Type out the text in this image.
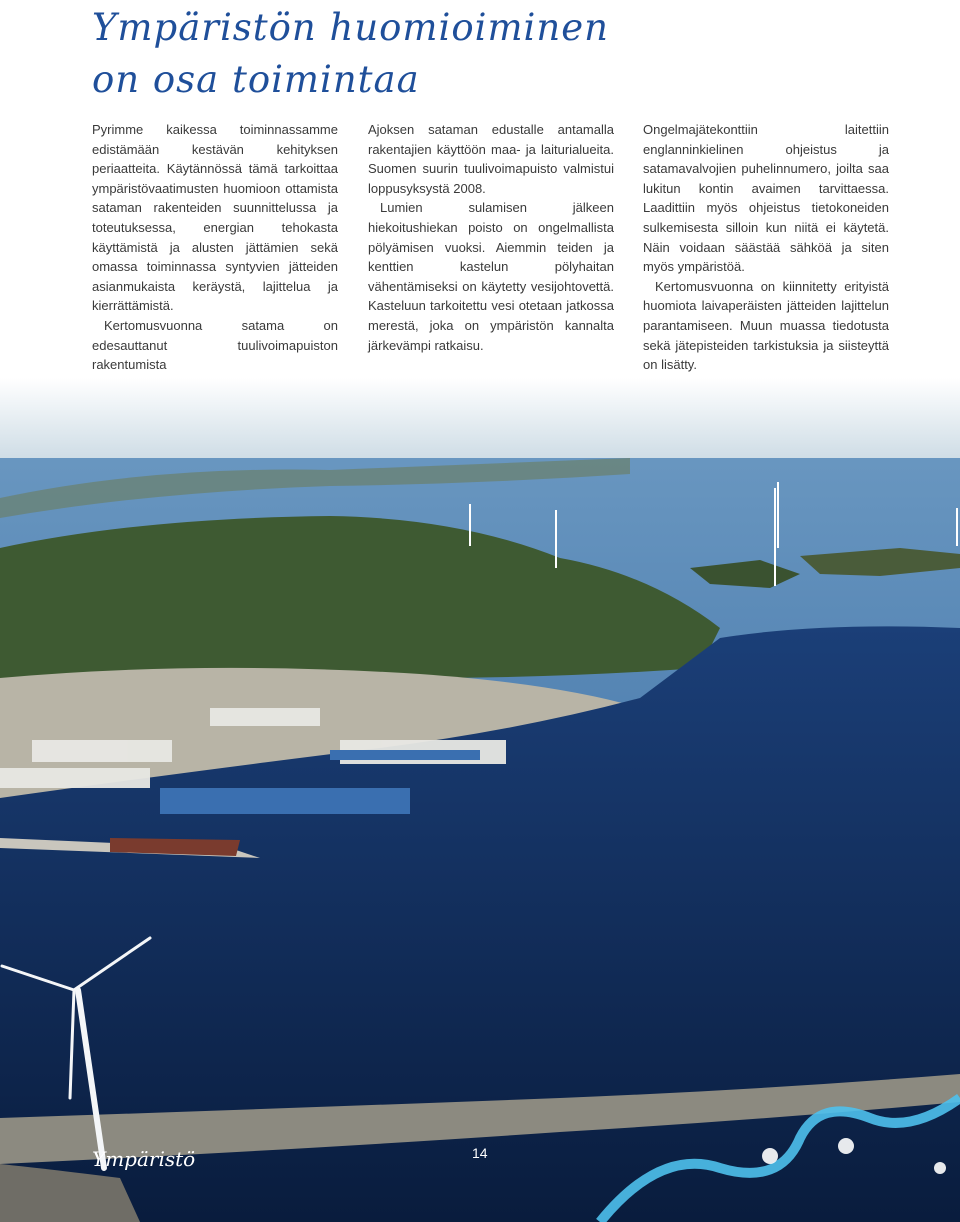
Ympäristön huomioiminen
on osa toimintaa

Pyrimme kaikessa toiminnassamme edistämään kestävän kehityksen periaatteita. Käytännössä tämä tarkoittaa ympäristövaatimusten huomioon ottamista sataman rakenteiden suunnittelussa ja toteutuksessa, energian tehokasta käyttämistä ja alusten jättämien sekä omassa toiminnassa syntyvien jätteiden asianmukaista keräystä, lajittelua ja kierrättämistä.

Kertomusvuonna satama on edesauttanut tuulivoimapuiston rakentumista

Ajoksen sataman edustalle antamalla rakentajien käyttöön maa- ja laiturialueita. Suomen suurin tuulivoimapuisto valmistui loppusyksystä 2008.

Lumien sulamisen jälkeen hiekoitushiekan poisto on ongelmallista pölyämisen vuoksi. Aiemmin teiden ja kenttien kastelun pölyhaitan vähentämiseksi on käytetty vesijohtovettä. Kasteluun tarkoitettu vesi otetaan jatkossa merestä, joka on ympäristön kannalta järkevämpi ratkaisu.

Ongelmajätekonttiin laitettiin englanninkielinen ohjeistus ja satamavalvojien puhelinnumero, joilta saa lukitun kontin avaimen tarvittaessa. Laadittiin myös ohjeistus tietokoneiden sulkemisesta silloin kun niitä ei käytetä. Näin voidaan säästää sähköä ja siten myös ympäristöä.

Kertomusvuonna on kiinnitetty erityistä huomiota laivaperäisten jätteiden lajittelun parantamiseen. Muun muassa tiedotusta sekä jätepisteiden tarkistuksia ja siisteyttä on lisätty.

Ympäristö	14
